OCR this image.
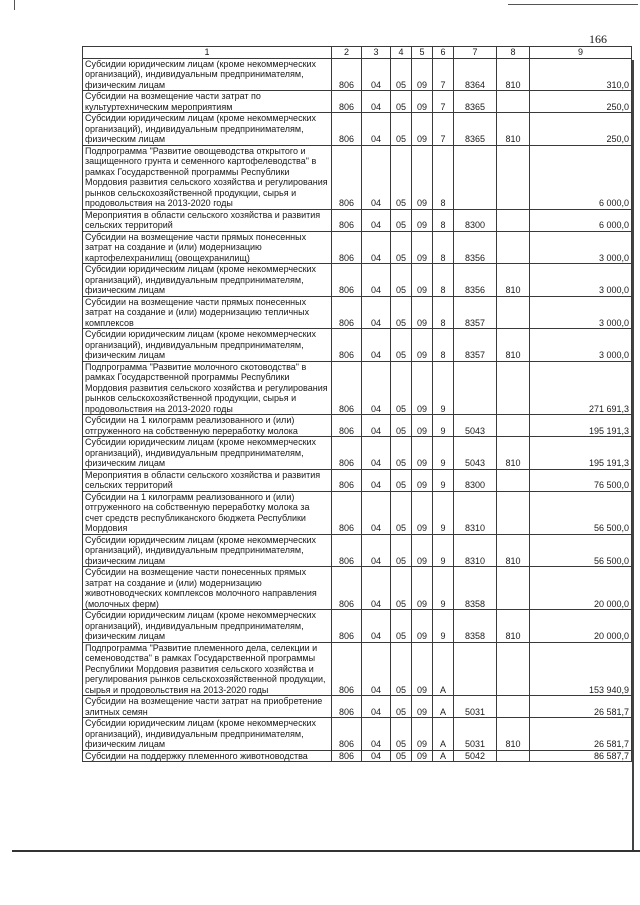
166
1	2	3	4	5	6	7	8	9
Субсидии юридическим лицам (кроме некоммерческих организаций), индивидуальным предпринимателям, физическим лицам	806	04	05	09	7	8364	810	310,0
Субсидии на возмещение части затрат по культуртехническим мероприятиям	806	04	05	09	7	8365		250,0
Субсидии юридическим лицам (кроме некоммерческих организаций), индивидуальным предпринимателям, физическим лицам	806	04	05	09	7	8365	810	250,0
Подпрограмма "Развитие овощеводства открытого и защищенного грунта и семенного картофелеводства" в рамках Государственной программы Республики Мордовия развития сельского хозяйства и регулирования рынков сельскохозяйственной продукции, сырья и продовольствия на 2013-2020 годы	806	04	05	09	8			6 000,0
Мероприятия в области сельского хозяйства и развития сельских территорий	806	04	05	09	8	8300		6 000,0
Субсидии на возмещение части прямых понесенных затрат на создание и (или) модернизацию картофелехранилищ (овощехранилищ)	806	04	05	09	8	8356		3 000,0
Субсидии юридическим лицам (кроме некоммерческих организаций), индивидуальным предпринимателям, физическим лицам	806	04	05	09	8	8356	810	3 000,0
Субсидии на возмещение части прямых понесенных затрат на создание и (или) модернизацию тепличных комплексов	806	04	05	09	8	8357		3 000,0
Субсидии юридическим лицам (кроме некоммерческих организаций), индивидуальным предпринимателям, физическим лицам	806	04	05	09	8	8357	810	3 000,0
Подпрограмма "Развитие молочного скотоводства" в рамках Государственной программы Республики Мордовия развития сельского хозяйства и регулирования рынков сельскохозяйственной продукции, сырья и продовольствия на 2013-2020 годы	806	04	05	09	9			271 691,3
Субсидии на 1 килограмм реализованного и (или) отгруженного на собственную переработку молока	806	04	05	09	9	5043		195 191,3
Субсидии юридическим лицам (кроме некоммерческих организаций), индивидуальным предпринимателям, физическим лицам	806	04	05	09	9	5043	810	195 191,3
Мероприятия в области сельского хозяйства и развития сельских территорий	806	04	05	09	9	8300		76 500,0
Субсидии на 1 килограмм реализованного и (или) отгруженного на собственную переработку молока за счет средств республиканского бюджета Республики Мордовия	806	04	05	09	9	8310		56 500,0
Субсидии юридическим лицам (кроме некоммерческих организаций), индивидуальным предпринимателям, физическим лицам	806	04	05	09	9	8310	810	56 500,0
Субсидии на возмещение части понесенных прямых затрат на создание и (или) модернизацию животноводческих комплексов молочного направления (молочных ферм)	806	04	05	09	9	8358		20 000,0
Субсидии юридическим лицам (кроме некоммерческих организаций), индивидуальным предпринимателям, физическим лицам	806	04	05	09	9	8358	810	20 000,0
Подпрограмма "Развитие племенного дела, селекции и семеноводства" в рамках Государственной программы Республики Мордовия развития сельского хозяйства и регулирования рынков сельскохозяйственной продукции, сырья и продовольствия на 2013-2020 годы	806	04	05	09	А			153 940,9
Субсидии на возмещение части затрат на приобретение элитных семян	806	04	05	09	А	5031		26 581,7
Субсидии юридическим лицам (кроме некоммерческих организаций), индивидуальным предпринимателям, физическим лицам	806	04	05	09	А	5031	810	26 581,7
Субсидии на поддержку племенного животноводства	806	04	05	09	А	5042		86 587,7
